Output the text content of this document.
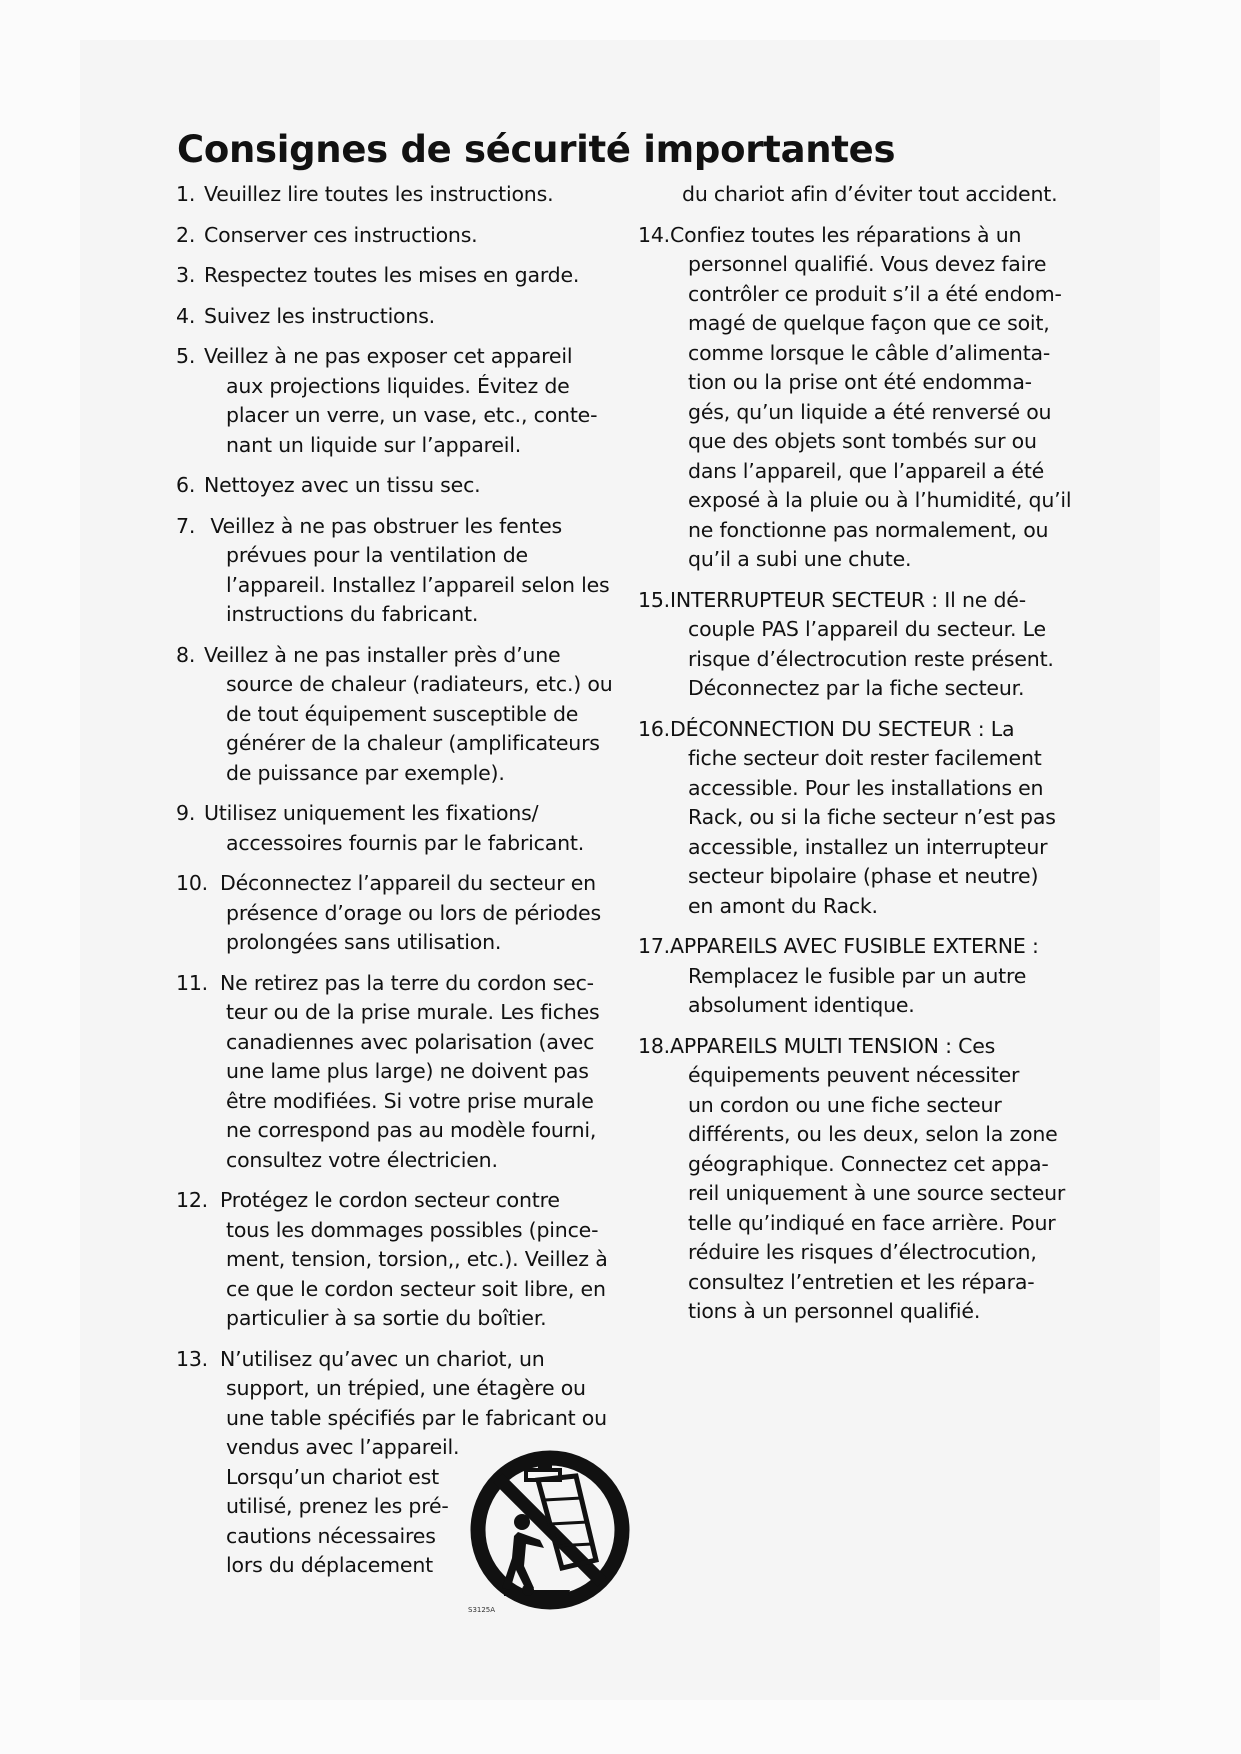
Consignes de sécurité importantes
1. Veuillez lire toutes les instructions.
2. Conserver ces instructions.
3. Respectez toutes les mises en garde.
4. Suivez les instructions.
5. Veillez à ne pas exposer cet appareil
aux projections liquides. Évitez de
placer un verre, un vase, etc., conte-
nant un liquide sur l’appareil.
6. Nettoyez avec un tissu sec.
7. Veillez à ne pas obstruer les fentes
prévues pour la ventilation de
l’appareil. Installez l’appareil selon les
instructions du fabricant.
8. Veillez à ne pas installer près d’une
source de chaleur (radiateurs, etc.) ou
de tout équipement susceptible de
générer de la chaleur (amplificateurs
de puissance par exemple).
9. Utilisez uniquement les fixations/
accessoires fournis par le fabricant.
10. Déconnectez l’appareil du secteur en
présence d’orage ou lors de périodes
prolongées sans utilisation.
11. Ne retirez pas la terre du cordon sec-
teur ou de la prise murale. Les fiches
canadiennes avec polarisation (avec
une lame plus large) ne doivent pas
être modifiées. Si votre prise murale
ne correspond pas au modèle fourni,
consultez votre électricien.
12. Protégez le cordon secteur contre
tous les dommages possibles (pince-
ment, tension, torsion,, etc.). Veillez à
ce que le cordon secteur soit libre, en
particulier à sa sortie du boîtier.
13. N’utilisez qu’avec un chariot, un
support, un trépied, une étagère ou
une table spécifiés par le fabricant ou
vendus avec l’appareil.
Lorsqu’un chariot est
utilisé, prenez les pré-
cautions nécessaires
lors du déplacement
du chariot afin d’éviter tout accident.
14.Confiez toutes les réparations à un
personnel qualifié. Vous devez faire
contrôler ce produit s’il a été endom-
magé de quelque façon que ce soit,
comme lorsque le câble d’alimenta-
tion ou la prise ont été endomma-
gés, qu’un liquide a été renversé ou
que des objets sont tombés sur ou
dans l’appareil, que l’appareil a été
exposé à la pluie ou à l’humidité, qu’il
ne fonctionne pas normalement, ou
qu’il a subi une chute.
15.INTERRUPTEUR SECTEUR : Il ne dé-
couple PAS l’appareil du secteur. Le
risque d’électrocution reste présent.
Déconnectez par la fiche secteur.
16.DÉCONNECTION DU SECTEUR : La
fiche secteur doit rester facilement
accessible. Pour les installations en
Rack, ou si la fiche secteur n’est pas
accessible, installez un interrupteur
secteur bipolaire (phase et neutre)
en amont du Rack.
17.APPAREILS AVEC FUSIBLE EXTERNE :
Remplacez le fusible par un autre
absolument identique.
18.APPAREILS MULTI TENSION : Ces
équipements peuvent nécessiter
un cordon ou une fiche secteur
différents, ou les deux, selon la zone
géographique. Connectez cet appa-
reil uniquement à une source secteur
telle qu’indiqué en face arrière. Pour
réduire les risques d’électrocution,
consultez l’entretien et les répara-
tions à un personnel qualifié.
S3125A
